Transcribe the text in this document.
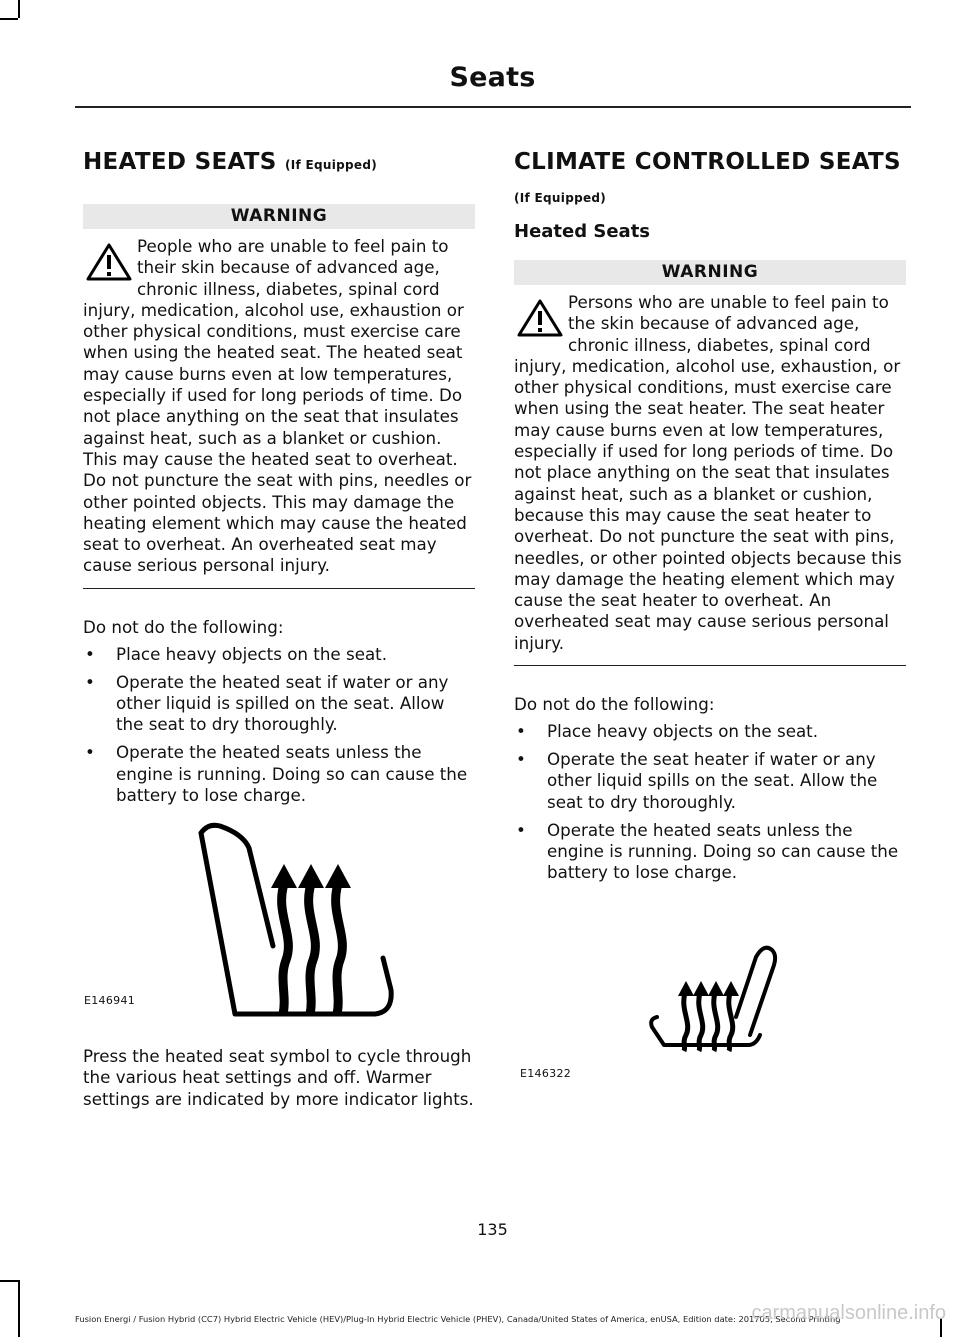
Seats
HEATED SEATS (If Equipped)
WARNING
People who are unable to feel pain to their skin because of advanced age, chronic illness, diabetes, spinal cord injury, medication, alcohol use, exhaustion or other physical conditions, must exercise care when using the heated seat. The heated seat may cause burns even at low temperatures, especially if used for long periods of time. Do not place anything on the seat that insulates against heat, such as a blanket or cushion. This may cause the heated seat to overheat. Do not puncture the seat with pins, needles or other pointed objects. This may damage the heating element which may cause the heated seat to overheat. An overheated seat may cause serious personal injury.

Do not do the following:

• Place heavy objects on the seat.
• Operate the heated seat if water or any other liquid is spilled on the seat. Allow the seat to dry thoroughly.
• Operate the heated seats unless the engine is running. Doing so can cause the battery to lose charge.
E146941

Press the heated seat symbol to cycle through the various heat settings and off. Warmer settings are indicated by more indicator lights.

CLIMATE CONTROLLED SEATS
(If Equipped)
Heated Seats
WARNING
Persons who are unable to feel pain to the skin because of advanced age, chronic illness, diabetes, spinal cord injury, medication, alcohol use, exhaustion, or other physical conditions, must exercise care when using the seat heater. The seat heater may cause burns even at low temperatures, especially if used for long periods of time. Do not place anything on the seat that insulates against heat, such as a blanket or cushion, because this may cause the seat heater to overheat. Do not puncture the seat with pins, needles, or other pointed objects because this may damage the heating element which may cause the seat heater to overheat. An overheated seat may cause serious personal injury.

Do not do the following:

• Place heavy objects on the seat.
• Operate the seat heater if water or any other liquid spills on the seat. Allow the seat to dry thoroughly.
• Operate the heated seats unless the engine is running. Doing so can cause the battery to lose charge.
E146322
135
Fusion Energi / Fusion Hybrid (CC7) Hybrid Electric Vehicle (HEV)/Plug-In Hybrid Electric Vehicle (PHEV), Canada/United States of America, enUSA, Edition date: 201705, Second Printing
carmanualsonline.info
